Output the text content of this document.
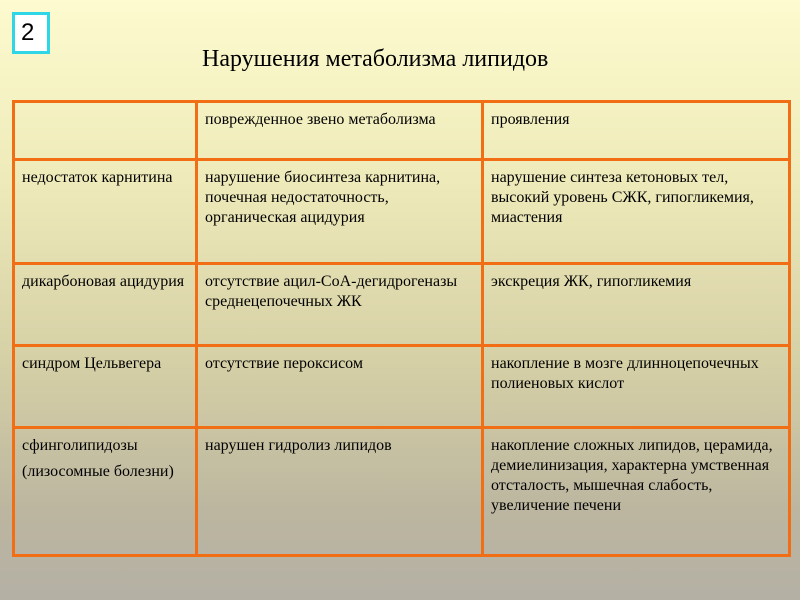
2
Нарушения метаболизма липидов
	поврежденное звено метаболизма	проявления

недостаток карнитина	нарушение биосинтеза карнитина, почечная недостаточность, органическая ацидурия	нарушение синтеза кетоновых тел, высокий уровень СЖК, гипогликемия, миастения

дикарбоновая ацидурия	отсутствие ацил-СоА-дегидрогеназы среднецепочечных ЖК	экскреция ЖК, гипогликемия

синдром Цельвегера	отсутствие пероксисом	накопление в мозге длинноцепочечных полиеновых кислот

сфинголипидозы
(лизосомные болезни)	нарушен гидролиз липидов	накопление сложных липидов, церамида, демиелинизация, характерна умственная отсталость, мышечная слабость, увеличение печени
